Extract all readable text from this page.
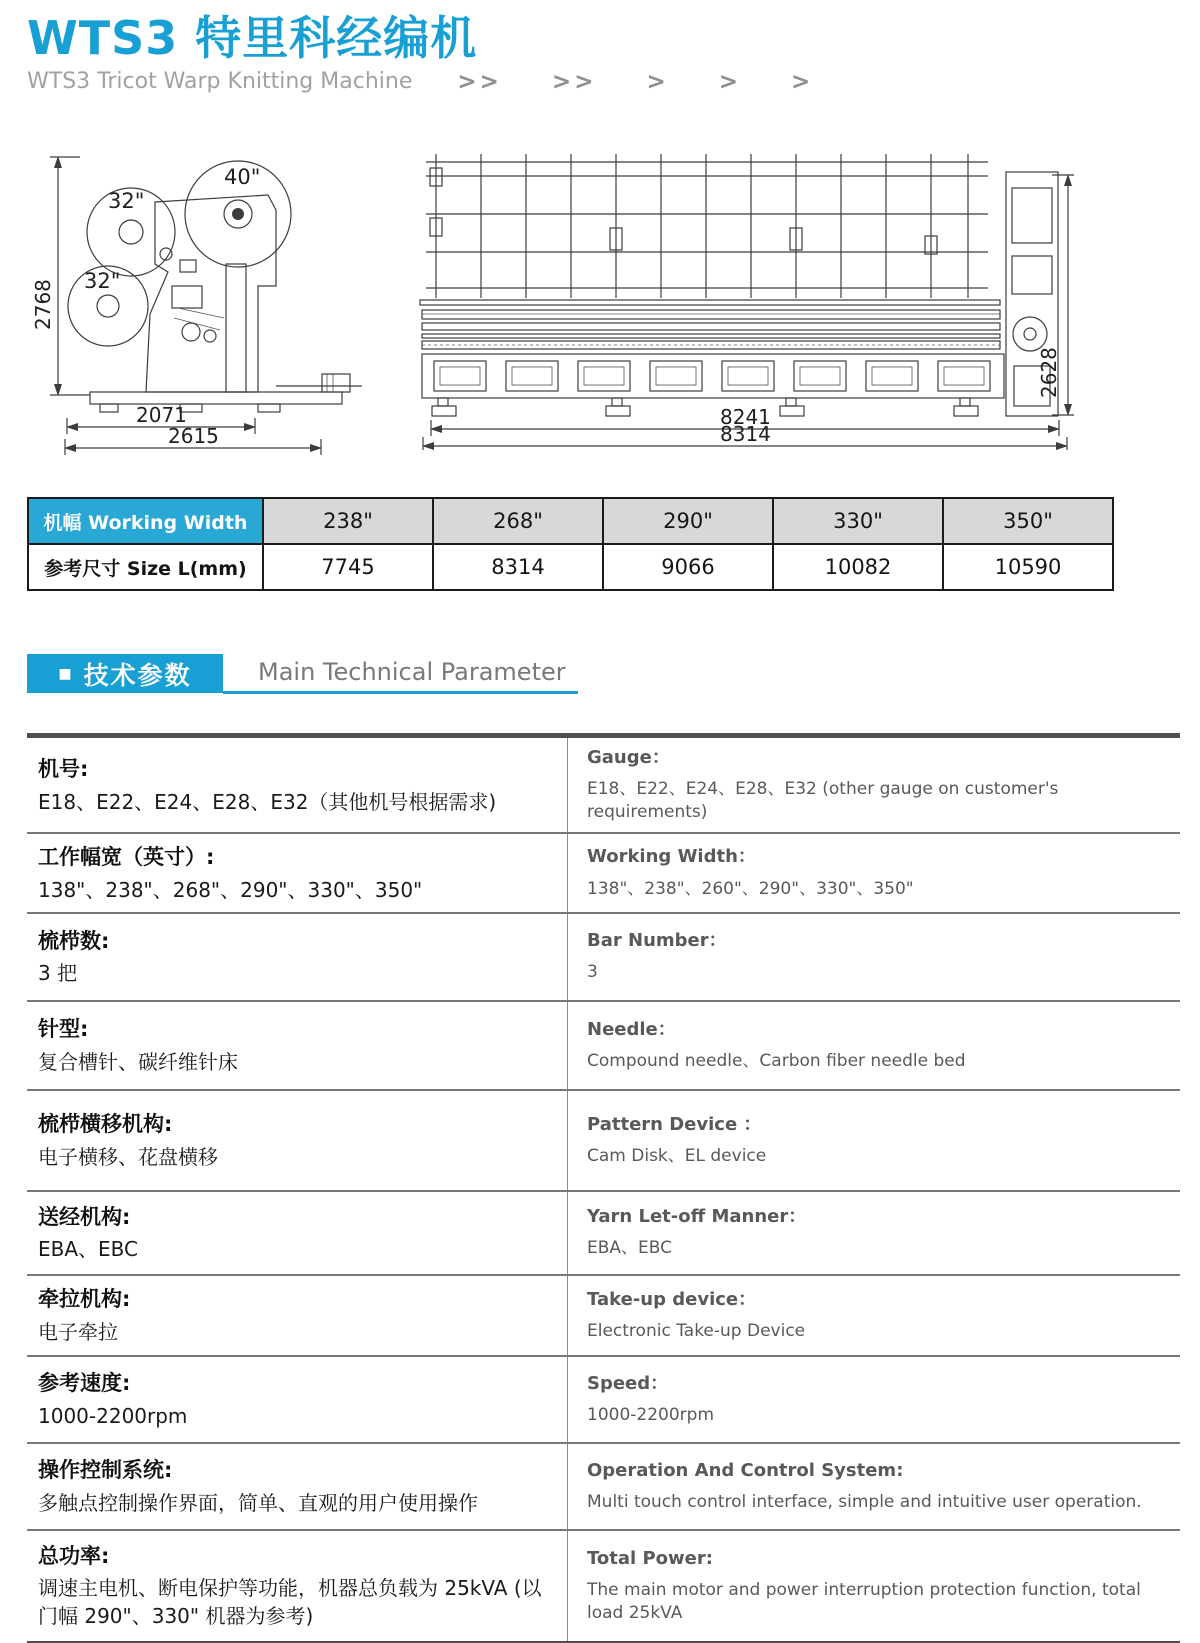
WTS3 特里科经编机
WTS3 Tricot Warp Knitting Machine >>  >>  >  >  >
2768
40"
32"
32"
2071
2615
2628
8241
8314
机幅 Working Width	238"	268"	290"	330"	350"
参考尺寸 Size L(mm)	7745	8314	9066	10082	10590
■ 技术参数	Main Technical Parameter
机号:
E18、E22、E24、E28、E32（其他机号根据需求)
Gauge：
E18、E22、E24、E28、E32 (other gauge on customer's requirements)
工作幅宽（英寸）:
138"、238"、268"、290"、330"、350"
Working Width：
138"、238"、260"、290"、330"、350"
梳栉数:
3 把
Bar Number：
3
针型:
复合槽针、碳纤维针床
Needle：
Compound needle、Carbon fiber needle bed
梳栉横移机构:
电子横移、花盘横移
Pattern Device ：
Cam Disk、EL device
送经机构:
EBA、EBC
Yarn Let-off Manner：
EBA、EBC
牵拉机构:
电子牵拉
Take-up device：
Electronic Take-up Device
参考速度:
1000-2200rpm
Speed：
1000-2200rpm
操作控制系统:
多触点控制操作界面，简单、直观的用户使用操作
Operation And Control System:
Multi touch control interface, simple and intuitive user operation.
总功率:
调速主电机、断电保护等功能，机器总负载为 25kVA (以门幅 290"、330" 机器为参考)
Total Power:
The main motor and power interruption protection function, total load 25kVA
